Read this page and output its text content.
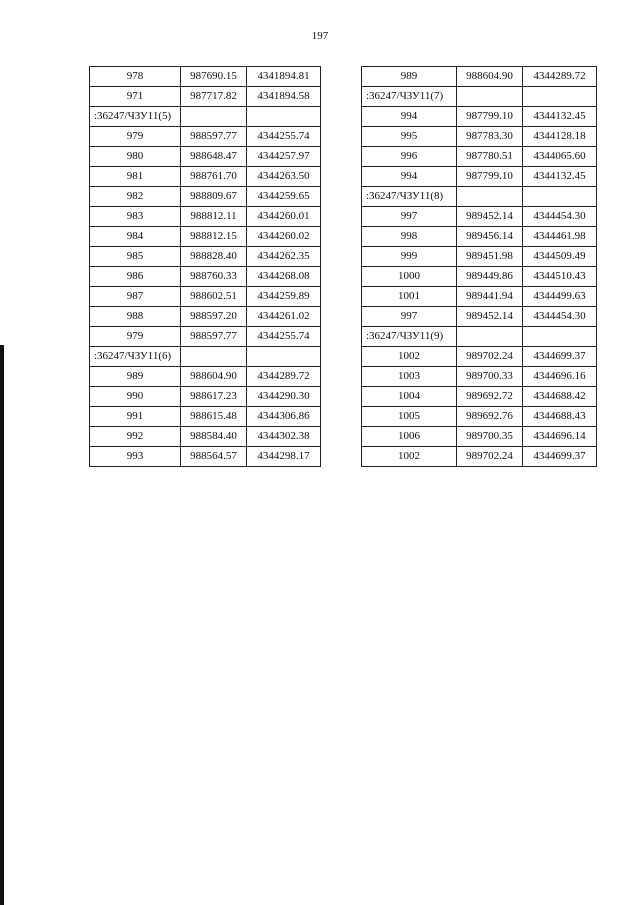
197
978	987690.15	4341894.81
971	987717.82	4341894.58
:36247/ЧЗУ11(5)		
979	988597.77	4344255.74
980	988648.47	4344257.97
981	988761.70	4344263.50
982	988809.67	4344259.65
983	988812.11	4344260.01
984	988812.15	4344260.02
985	988828.40	4344262.35
986	988760.33	4344268.08
987	988602.51	4344259.89
988	988597.20	4344261.02
979	988597.77	4344255.74
:36247/ЧЗУ11(6)		
989	988604.90	4344289.72
990	988617.23	4344290.30
991	988615.48	4344306.86
992	988584.40	4344302.38
993	988564.57	4344298.17
989	988604.90	4344289.72
:36247/ЧЗУ11(7)		
994	987799.10	4344132.45
995	987783.30	4344128.18
996	987780.51	4344065.60
994	987799.10	4344132.45
:36247/ЧЗУ11(8)		
997	989452.14	4344454.30
998	989456.14	4344461.98
999	989451.98	4344509.49
1000	989449.86	4344510.43
1001	989441.94	4344499.63
997	989452.14	4344454.30
:36247/ЧЗУ11(9)		
1002	989702.24	4344699.37
1003	989700.33	4344696.16
1004	989692.72	4344688.42
1005	989692.76	4344688.43
1006	989700.35	4344696.14
1002	989702.24	4344699.37
